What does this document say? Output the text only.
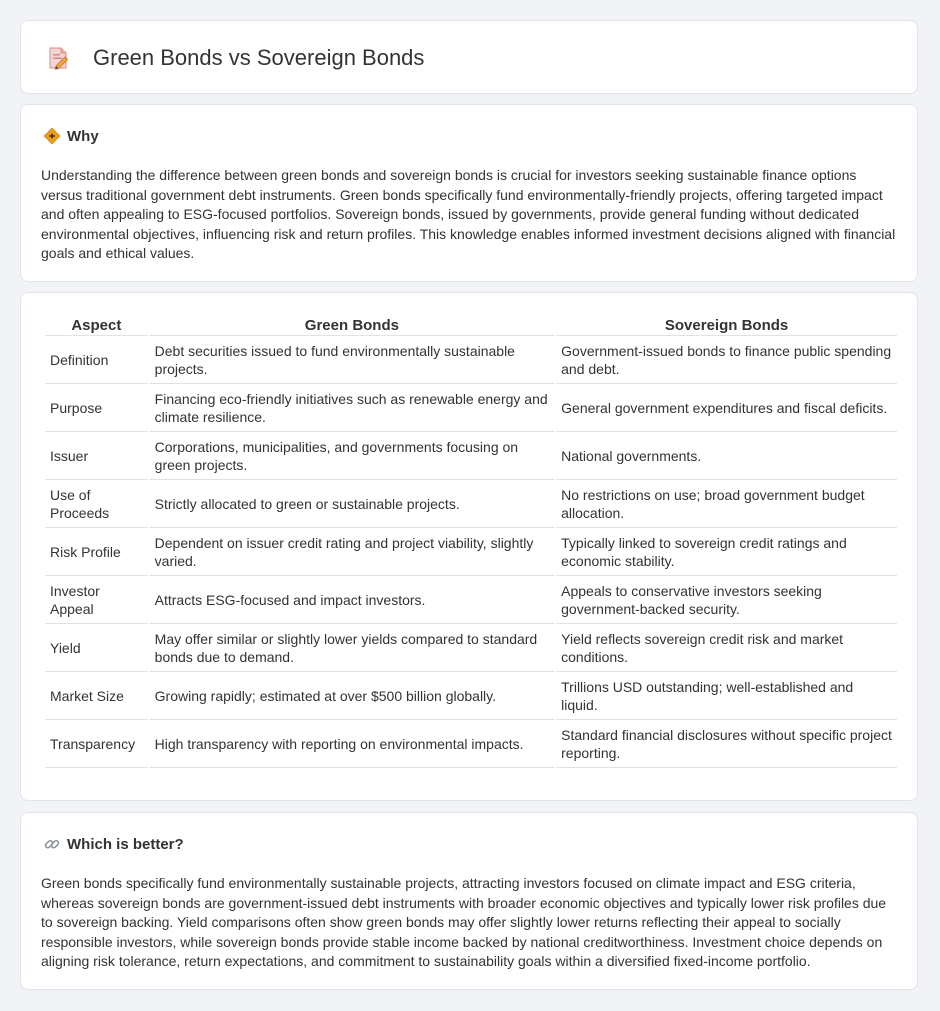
Green Bonds vs Sovereign Bonds
Why
Understanding the difference between green bonds and sovereign bonds is crucial for investors seeking sustainable finance options versus traditional government debt instruments. Green bonds specifically fund environmentally-friendly projects, offering targeted impact and often appealing to ESG-focused portfolios. Sovereign bonds, issued by governments, provide general funding without dedicated environmental objectives, influencing risk and return profiles. This knowledge enables informed investment decisions aligned with financial goals and ethical values.
Aspect	Green Bonds	Sovereign Bonds
Definition	Debt securities issued to fund environmentally sustainable projects.	Government-issued bonds to finance public spending and debt.
Purpose	Financing eco-friendly initiatives such as renewable energy and climate resilience.	General government expenditures and fiscal deficits.
Issuer	Corporations, municipalities, and governments focusing on green projects.	National governments.
Use of Proceeds	Strictly allocated to green or sustainable projects.	No restrictions on use; broad government budget allocation.
Risk Profile	Dependent on issuer credit rating and project viability, slightly varied.	Typically linked to sovereign credit ratings and economic stability.
Investor Appeal	Attracts ESG-focused and impact investors.	Appeals to conservative investors seeking government-backed security.
Yield	May offer similar or slightly lower yields compared to standard bonds due to demand.	Yield reflects sovereign credit risk and market conditions.
Market Size	Growing rapidly; estimated at over $500 billion globally.	Trillions USD outstanding; well-established and liquid.
Transparency	High transparency with reporting on environmental impacts.	Standard financial disclosures without specific project reporting.
Which is better?
Green bonds specifically fund environmentally sustainable projects, attracting investors focused on climate impact and ESG criteria, whereas sovereign bonds are government-issued debt instruments with broader economic objectives and typically lower risk profiles due to sovereign backing. Yield comparisons often show green bonds may offer slightly lower returns reflecting their appeal to socially responsible investors, while sovereign bonds provide stable income backed by national creditworthiness. Investment choice depends on aligning risk tolerance, return expectations, and commitment to sustainability goals within a diversified fixed-income portfolio.
